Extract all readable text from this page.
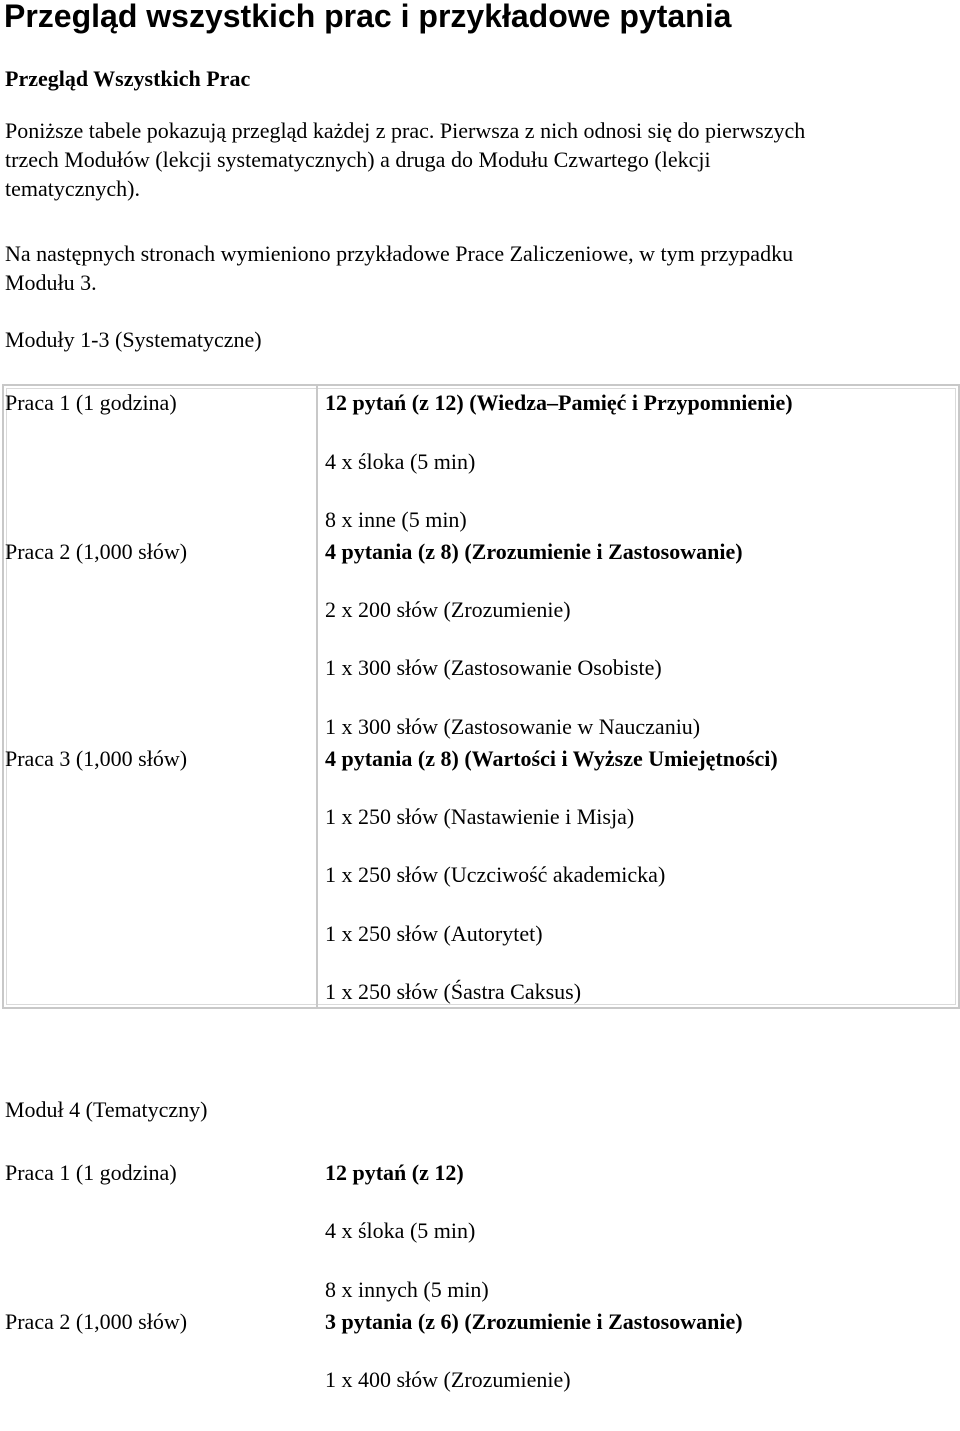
Przegląd wszystkich prac i przykładowe pytania
Przegląd Wszystkich Prac
Poniższe tabele pokazują przegląd każdej z prac. Pierwsza z nich odnosi się do pierwszych
trzech Modułów (lekcji systematycznych) a druga do Modułu Czwartego (lekcji
tematycznych).
Na następnych stronach wymieniono przykładowe Prace Zaliczeniowe, w tym przypadku
Modułu 3.
Moduły 1-3 (Systematyczne)
Praca 1 (1 godzina)	12 pytań (z 12) (Wiedza–Pamięć i Przypomnienie)
4 x śloka (5 min)
8 x inne (5 min)
Praca 2 (1,000 słów)	4 pytania (z 8) (Zrozumienie i Zastosowanie)
2 x 200 słów (Zrozumienie)
1 x 300 słów (Zastosowanie Osobiste)
1 x 300 słów (Zastosowanie w Nauczaniu)
Praca 3 (1,000 słów)	4 pytania (z 8) (Wartości i Wyższe Umiejętności)
1 x 250 słów (Nastawienie i Misja)
1 x 250 słów (Uczciwość akademicka)
1 x 250 słów (Autorytet)
1 x 250 słów (Śastra Caksus)
Moduł 4 (Tematyczny)
Praca 1 (1 godzina)	12 pytań (z 12)
4 x śloka (5 min)
8 x innych (5 min)
Praca 2 (1,000 słów)	3 pytania (z 6) (Zrozumienie i Zastosowanie)
1 x 400 słów (Zrozumienie)
